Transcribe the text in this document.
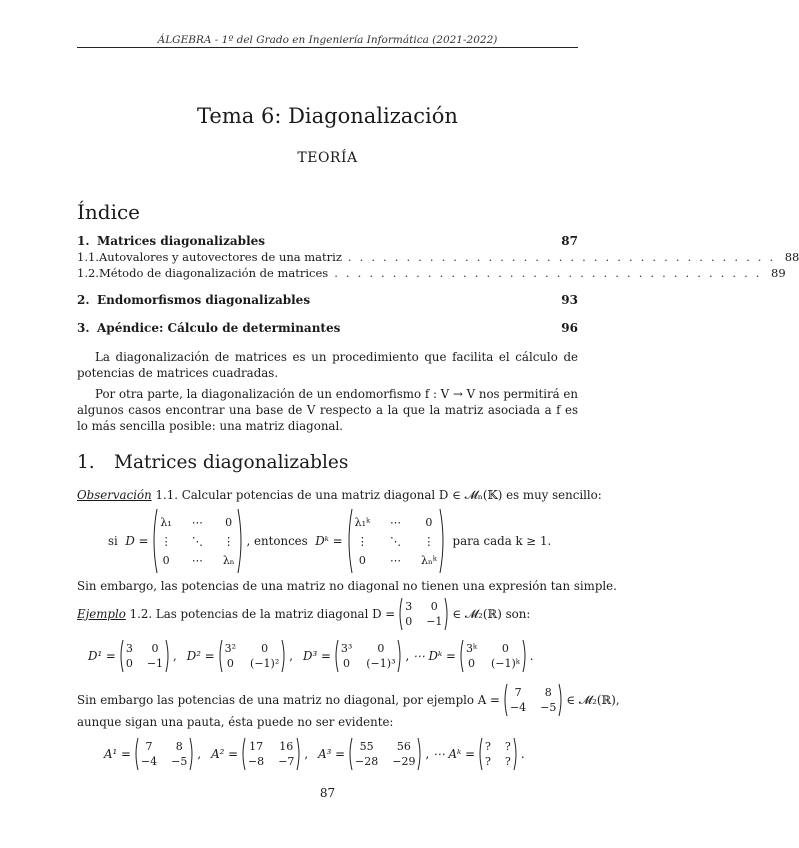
ÁLGEBRA - 1º del Grado en Ingeniería Informática (2021-2022)
Tema 6: Diagonalización
TEORÍA
Índice
1. Matrices diagonalizables	87
1.1. Autovalores y autovectores de una matriz . . . . . . . . . . . . . . . . . . . . . . . . . . . . . . . . . . . . . 88
1.2. Método de diagonalización de matrices . . . . . . . . . . . . . . . . . . . . . . . . . . . . . . . . . . . . . 89
2. Endomorfismos diagonalizables	93
3. Apéndice: Cálculo de determinantes	96
La diagonalización de matrices es un procedimiento que facilita el cálculo de potencias de matrices cuadradas.
Por otra parte, la diagonalización de un endomorfismo f : V → V nos permitirá en algunos casos encontrar una base de V respecto a la que la matriz asociada a f es lo más sencilla posible: una matriz diagonal.
1. Matrices diagonalizables
Observación 1.1. Calcular potencias de una matriz diagonal D ∈ 𝓜ₙ(𝕂) es muy sencillo:
si
D =
λ₁ ⋯ 0
⋮ ⋱ ⋮
0 ⋯ λₙ
, entonces
Dᵏ =
λ₁ᵏ ⋯	0
⋮ ⋱ ⋮
0	⋯ λₙᵏ

para cada k ≥ 1.
Sin embargo, las potencias de una matriz no diagonal no tienen una expresión tan simple.
Ejemplo
1.2.
Las potencias de la matriz diagonal D =
3	0
0 −1
∈ 𝓜₂(ℝ) son:
D¹ =
3	0
0 −1
, D² =
3²	0
0 (−1)²
, D³ =
3³	0
0 (−1)³
, ⋯ Dᵏ =
3ᵏ	0
0 (−1)ᵏ
.
Sin embargo las potencias de una matriz no diagonal, por ejemplo A =
7	8
−4 −5
∈ 𝓜₂(ℝ),
aunque sigan una pauta, ésta puede no ser evidente:
A¹ =
7	8
−4 −5
, A² =
17 16
−8 −7
, A³ =
55	56
−28 −29
, ⋯ Aᵏ =
? ?
? ?
.
87
